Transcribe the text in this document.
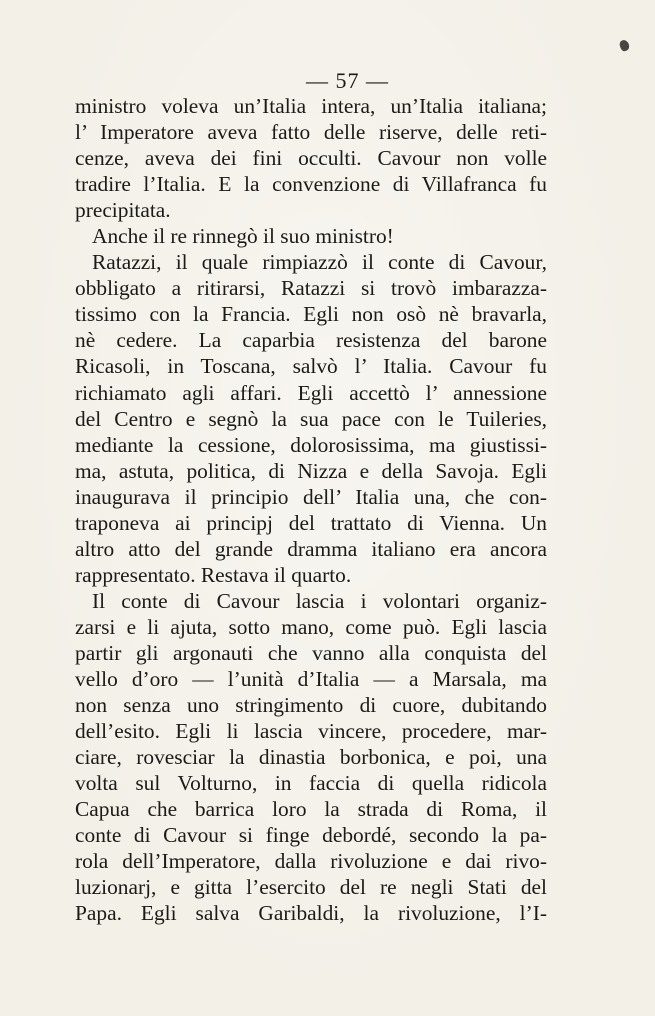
— 57 —
ministro voleva un’Italia intera, un’Italia italiana;
l’ Imperatore aveva fatto delle riserve, delle reti-
cenze, aveva dei fini occulti. Cavour non volle
tradire l’Italia. E la convenzione di Villafranca fu
precipitata.
Anche il re rinnegò il suo ministro!
Ratazzi, il quale rimpiazzò il conte di Cavour,
obbligato a ritirarsi, Ratazzi si trovò imbarazza-
tissimo con la Francia. Egli non osò nè bravarla,
nè cedere. La caparbia resistenza del barone
Ricasoli, in Toscana, salvò l’ Italia. Cavour fu
richiamato agli affari. Egli accettò l’ annessione
del Centro e segnò la sua pace con le Tuileries,
mediante la cessione, dolorosissima, ma giustissi-
ma, astuta, politica, di Nizza e della Savoja. Egli
inaugurava il principio dell’ Italia una, che con-
traponeva ai principj del trattato di Vienna. Un
altro atto del grande dramma italiano era ancora
rappresentato. Restava il quarto.
Il conte di Cavour lascia i volontari organiz-
zarsi e li ajuta, sotto mano, come può. Egli lascia
partir gli argonauti che vanno alla conquista del
vello d’oro — l’unità d’Italia — a Marsala, ma
non senza uno stringimento di cuore, dubitando
dell’esito. Egli li lascia vincere, procedere, mar-
ciare, rovesciar la dinastia borbonica, e poi, una
volta sul Volturno, in faccia di quella ridicola
Capua che barrica loro la strada di Roma, il
conte di Cavour si finge debordé, secondo la pa-
rola dell’Imperatore, dalla rivoluzione e dai rivo-
luzionarj, e gitta l’esercito del re negli Stati del
Papa. Egli salva Garibaldi, la rivoluzione, l’I-
